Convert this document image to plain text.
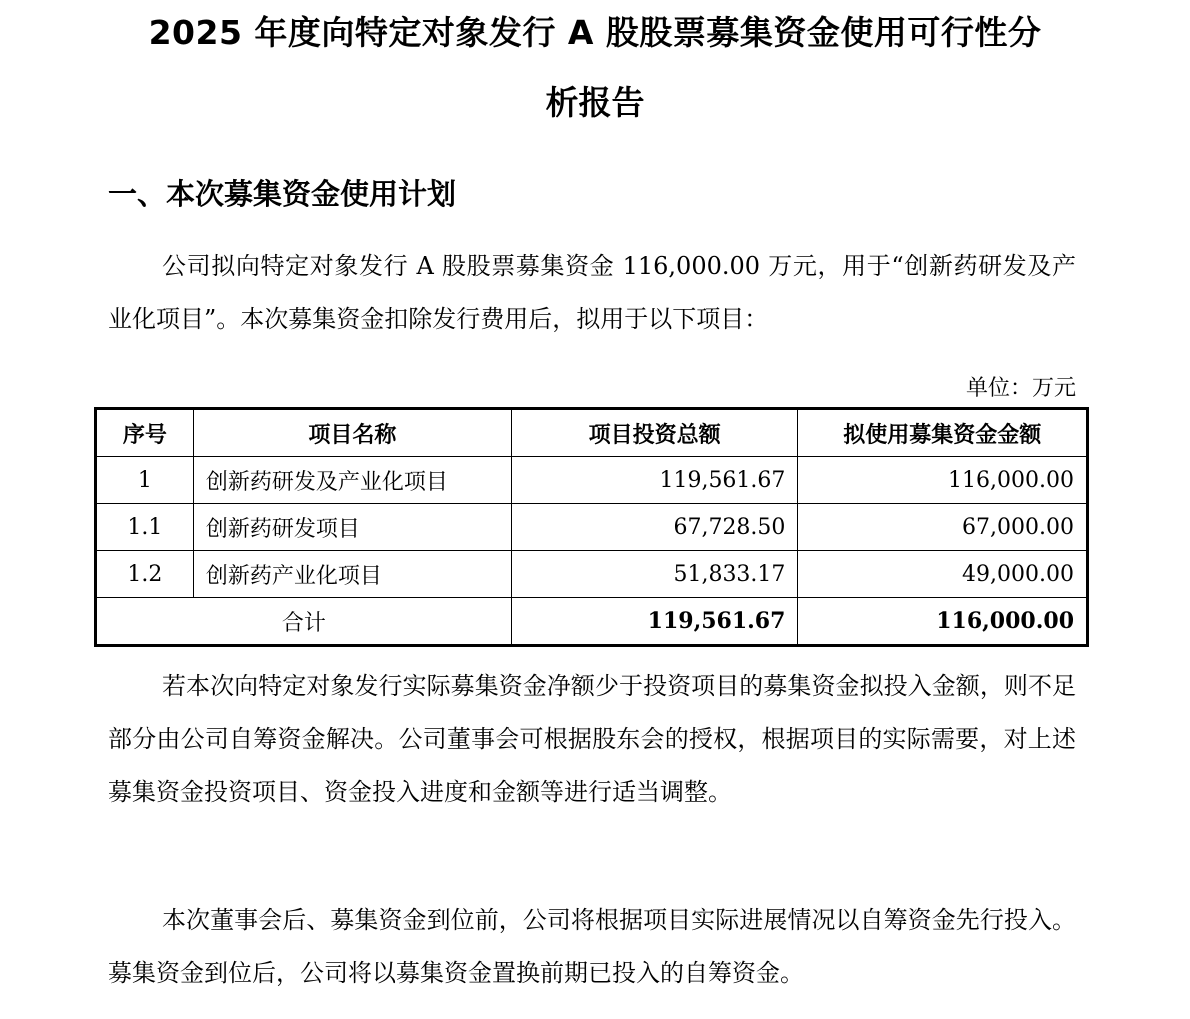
2025 年度向特定对象发行 A 股股票募集资金使用可行性分
析报告
一、本次募集资金使用计划

公司拟向特定对象发行 A 股股票募集资金 116,000.00 万元，用于“创新药研发及产业化项目”。本次募集资金扣除发行费用后，拟用于以下项目：

单位：万元
序号	项目名称	项目投资总额	拟使用募集资金金额
1	创新药研发及产业化项目	119,561.67	116,000.00
1.1	创新药研发项目	67,728.50	67,000.00
1.2	创新药产业化项目	51,833.17	49,000.00
合计		119,561.67	116,000.00

若本次向特定对象发行实际募集资金净额少于投资项目的募集资金拟投入金额，则不足部分由公司自筹资金解决。公司董事会可根据股东会的授权，根据项目的实际需要，对上述募集资金投资项目、资金投入进度和金额等进行适当调整。

本次董事会后、募集资金到位前，公司将根据项目实际进展情况以自筹资金先行投入。募集资金到位后，公司将以募集资金置换前期已投入的自筹资金。
